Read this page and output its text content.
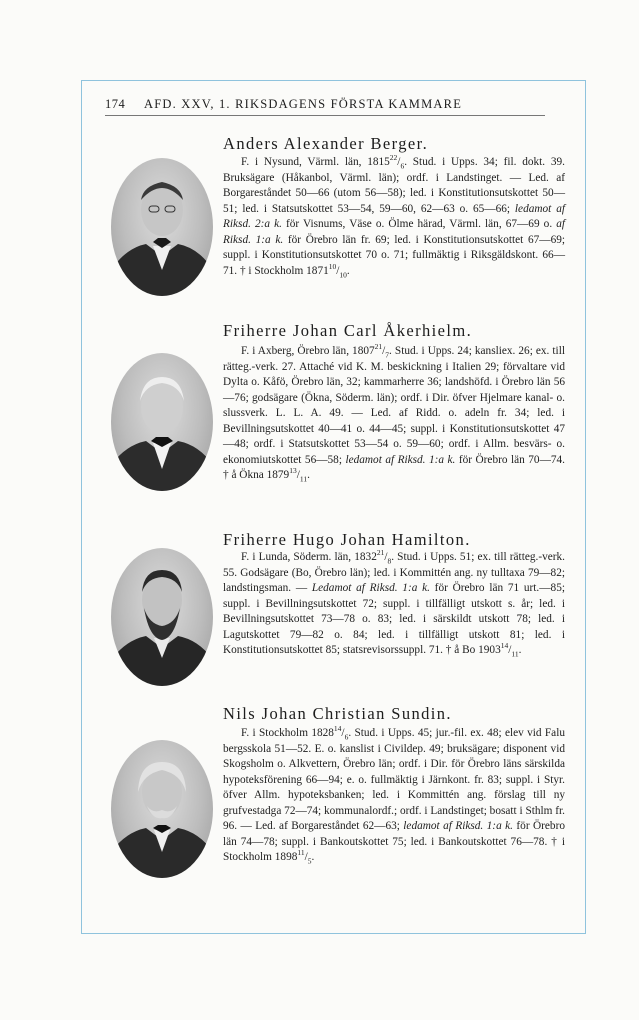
174 AFD. XXV, 1. RIKSDAGENS FÖRSTA KAMMARE
Anders Alexander Berger.

F. i Nysund, Värml. län, $1815^{22}/_6$. Stud. i Upps. 34; fil. dokt. 39. Bruksägare (Håkanbol, Värml. län); ordf. i Landstinget. — Led. af Borgareståndet 50—66 (utom 56—58); led. i Konstitutionsutskottet 50—51; led. i Statsutskottet 53—54, 59—60, 62—63 o. 65—66; ledamot af Riksd. 2:a k. för Visnums, Väse o. Ölme härad, Värml. län, 67—69 o. af Riksd. 1:a k. för Örebro län fr. 69; led. i Konstitutionsutskottet 67—69; suppl. i Konstitutionsutskottet 70 o. 71; fullmäktig i Riksgäldskont. 66—71. † i Stockholm $1871^{10}/_{10}$.

Friherre Johan Carl Åkerhielm.

F. i Axberg, Örebro län, $1807^{21}/_7$. Stud. i Upps. 24; kansliex. 26; ex. till rätteg.-verk. 27. Attaché vid K. M. beskickning i Italien 29; förvaltare vid Dylta o. Kåfö, Örebro län, 32; kammarherre 36; landshöfd. i Örebro län 56—76; godsägare (Ökna, Söderm. län); ordf. i Dir. öfver Hjelmare kanal- o. slussverk. L. L. A. 49. — Led. af Ridd. o. adeln fr. 34; led. i Bevillningsutskottet 40—41 o. 44—45; suppl. i Konstitutionsutskottet 47—48; ordf. i Statsutskottet 53—54 o. 59—60; ordf. i Allm. besvärs- o. ekonomiutskottet 56—58; ledamot af Riksd. 1:a k. för Örebro län 70—74. † å Ökna $1879^{13}/_{11}$.

Friherre Hugo Johan Hamilton.

F. i Lunda, Söderm. län, $1832^{21}/_8$. Stud. i Upps. 51; ex. till rätteg.-verk. 55. Godsägare (Bo, Örebro län); led. i Kommittén ang. ny tulltaxa 79—82; landstingsman. — Ledamot af Riksd. 1:a k. för Örebro län 71 urt.—85; suppl. i Bevillningsutskottet 72; suppl. i tillfälligt utskott s. år; led. i Bevillningsutskottet 73—78 o. 83; led. i särskildt utskott 78; led. i Lagutskottet 79—82 o. 84; led. i tillfälligt utskott 81; led. i Konstitutionsutskottet 85; statsrevisorssuppl. 71. † å Bo $1903^{14}/_{11}$.

Nils Johan Christian Sundin.

F. i Stockholm $1828^{14}/_6$. Stud. i Upps. 45; jur.-fil. ex. 48; elev vid Falu bergsskola 51—52. E. o. kanslist i Civildep. 49; bruksägare; disponent vid Skogsholm o. Alkvettern, Örebro län; ordf. i Dir. för Örebro läns särskilda hypoteksförening 66—94; e. o. fullmäktig i Järnkont. fr. 83; suppl. i Styr. öfver Allm. hypoteksbanken; led. i Kommittén ang. förslag till ny grufvestadga 72—74; kommunalordf.; ordf. i Landstinget; bosatt i Sthlm fr. 96. — Led. af Borgareståndet 62—63; ledamot af Riksd. 1:a k. för Örebro län 74—78; suppl. i Bankoutskottet 75; led. i Bankoutskottet 76—78. † i Stockholm $1898^{11}/_5$.
